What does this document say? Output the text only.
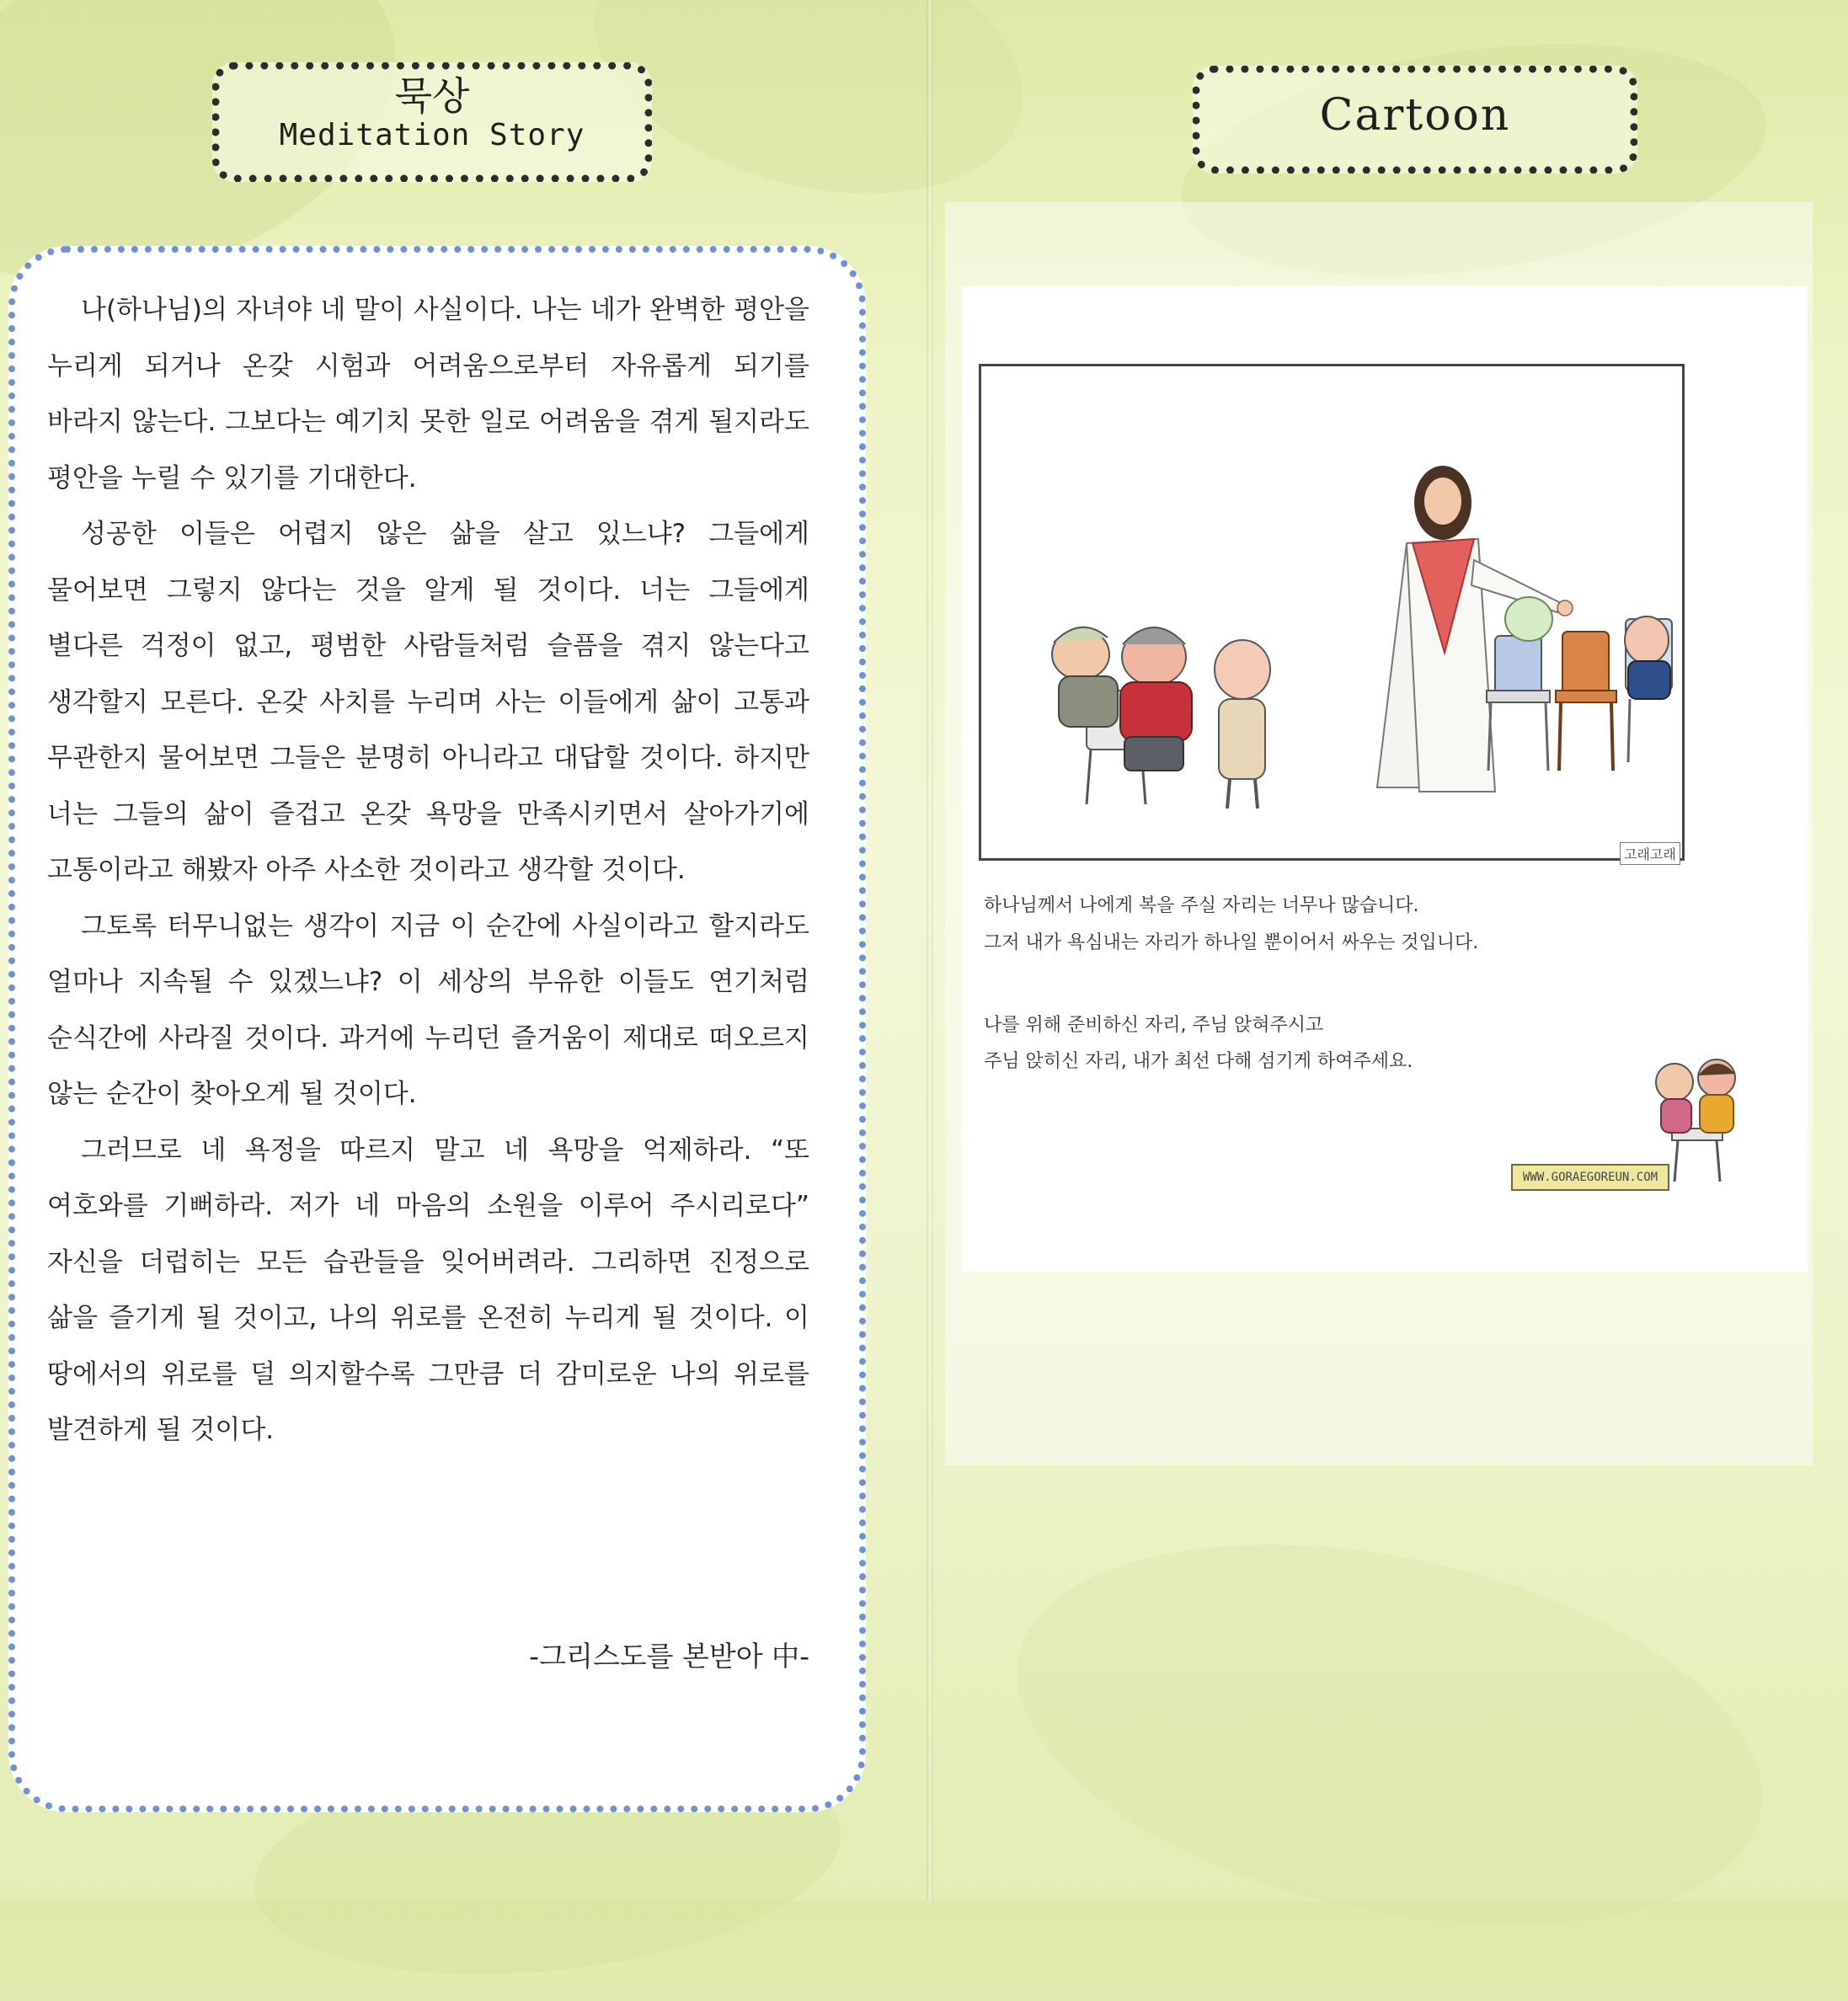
묵상
Meditation Story

나(하나님)의 자녀야 네 말이 사실이다. 나는 네가 완벽한 평안을 누리게 되거나 온갖 시험과 어려움으로부터 자유롭게 되기를 바라지 않는다. 그보다는 예기치 못한 일로 어려움을 겪게 될지라도 평안을 누릴 수 있기를 기대한다.

성공한 이들은 어렵지 않은 삶을 살고 있느냐? 그들에게 물어보면 그렇지 않다는 것을 알게 될 것이다. 너는 그들에게 별다른 걱정이 없고, 평범한 사람들처럼 슬픔을 겪지 않는다고 생각할지 모른다. 온갖 사치를 누리며 사는 이들에게 삶이 고통과 무관한지 물어보면 그들은 분명히 아니라고 대답할 것이다. 하지만 너는 그들의 삶이 즐겁고 온갖 욕망을 만족시키면서 살아가기에 고통이라고 해봤자 아주 사소한 것이라고 생각할 것이다.

그토록 터무니없는 생각이 지금 이 순간에 사실이라고 할지라도 얼마나 지속될 수 있겠느냐? 이 세상의 부유한 이들도 연기처럼 순식간에 사라질 것이다. 과거에 누리던 즐거움이 제대로 떠오르지 않는 순간이 찾아오게 될 것이다.

그러므로 네 욕정을 따르지 말고 네 욕망을 억제하라. “또 여호와를 기뻐하라. 저가 네 마음의 소원을 이루어 주시리로다” 자신을 더럽히는 모든 습관들을 잊어버려라. 그리하면 진정으로 삶을 즐기게 될 것이고, 나의 위로를 온전히 누리게 될 것이다. 이 땅에서의 위로를 덜 의지할수록 그만큼 더 감미로운 나의 위로를 발견하게 될 것이다.

-그리스도를 본받아 中-
Cartoon
고래고래
하나님께서 나에게 복을 주실 자리는 너무나 많습니다.
그저 내가 욕심내는 자리가 하나일 뿐이어서 싸우는 것입니다.
나를 위해 준비하신 자리, 주님 앉혀주시고
주님 앉히신 자리, 내가 최선 다해 섬기게 하여주세요.
WWW.GORAEGOREUN.COM
